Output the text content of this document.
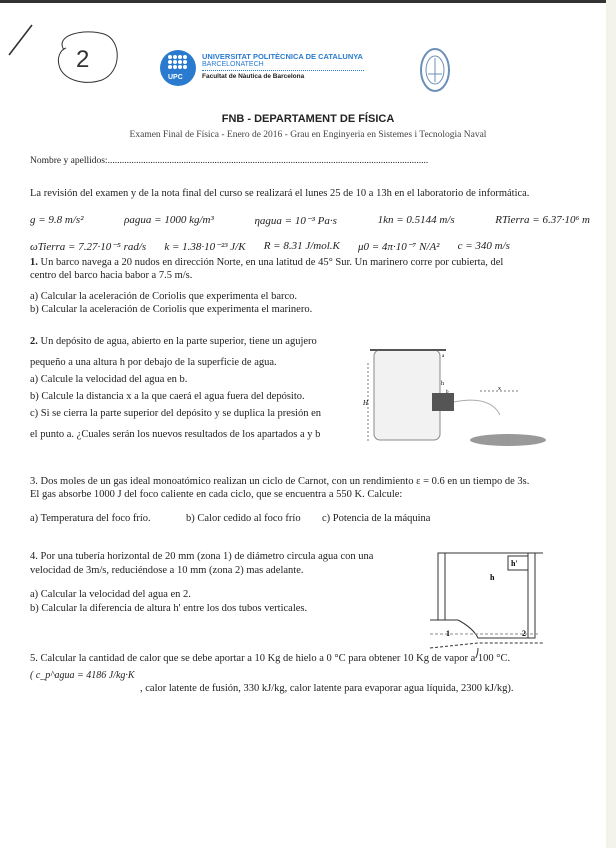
2
UPC
UNIVERSITAT POLITÈCNICA DE CATALUNYA
BARCELONATECH
Facultat de Nàutica de Barcelona
FNB - DEPARTAMENT DE FÍSICA
Examen Final de Física - Enero de 2016 - Grau en Enginyeria en Sistemes i Tecnologia Naval
Nombre y apellidos:.......................................................................................................................................
La revisión del examen y de la nota final del curso se realizará el lunes 25 de 10 a 13h en el laboratorio de informática.
g = 9.8 m/s²	ρagua = 1000 kg/m³	ηagua = 10⁻³ Pa·s	1kn = 0.5144 m/s	RTierra = 6.37·10⁶ m
ωTierra = 7.27·10⁻⁵ rad/s k = 1.38·10⁻²³ J/K R = 8.31 J/mol.K μ0 = 4π·10⁻⁷ N/A² c = 340 m/s
1. Un barco navega a 20 nudos en dirección Norte, en una latitud de 45° Sur. Un marinero corre por cubierta, del
centro del barco hacia babor a 7.5 m/s.
a) Calcular la aceleración de Coriolis que experimenta el barco.
b) Calcular la aceleración de Coriolis que experimenta el marinero.
2. Un depósito de agua, abierto en la parte superior, tiene un agujero
pequeño a una altura h por debajo de la superficie de agua.
a) Calcule la velocidad del agua en b.
b) Calcule la distancia x a la que caerá el agua fuera del depósito.
c) Si se cierra la parte superior del depósito y se duplica la presión en
el punto a. ¿Cuales serán los nuevos resultados de los apartados a y b
a
h
b
H
x
3. Dos moles de un gas ideal monoatómico realizan un ciclo de Carnot, con un rendimiento ε = 0.6 en un tiempo de 3s.
El gas absorbe 1000 J del foco caliente en cada ciclo, que se encuentra a 550 K. Calcule:
a) Temperatura del foco frío.	b) Calor cedido al foco frío c) Potencia de la máquina
4. Por una tubería horizontal de 20 mm (zona 1) de diámetro circula agua con una
velocidad de 3m/s, reduciéndose a 10 mm (zona 2) mas adelante.
a) Calcular la velocidad del agua en 2.
b) Calcular la diferencia de altura h' entre los dos tubos verticales.
h'
h
1	2
5. Calcular la cantidad de calor que se debe aportar a 10 Kg de hielo a 0 °C para obtener 10 Kg de vapor a 100 °C.
( c_p^agua = 4186 J/kg·K
, calor latente de fusión, 330 kJ/kg, calor latente para evaporar agua líquida, 2300 kJ/kg).
